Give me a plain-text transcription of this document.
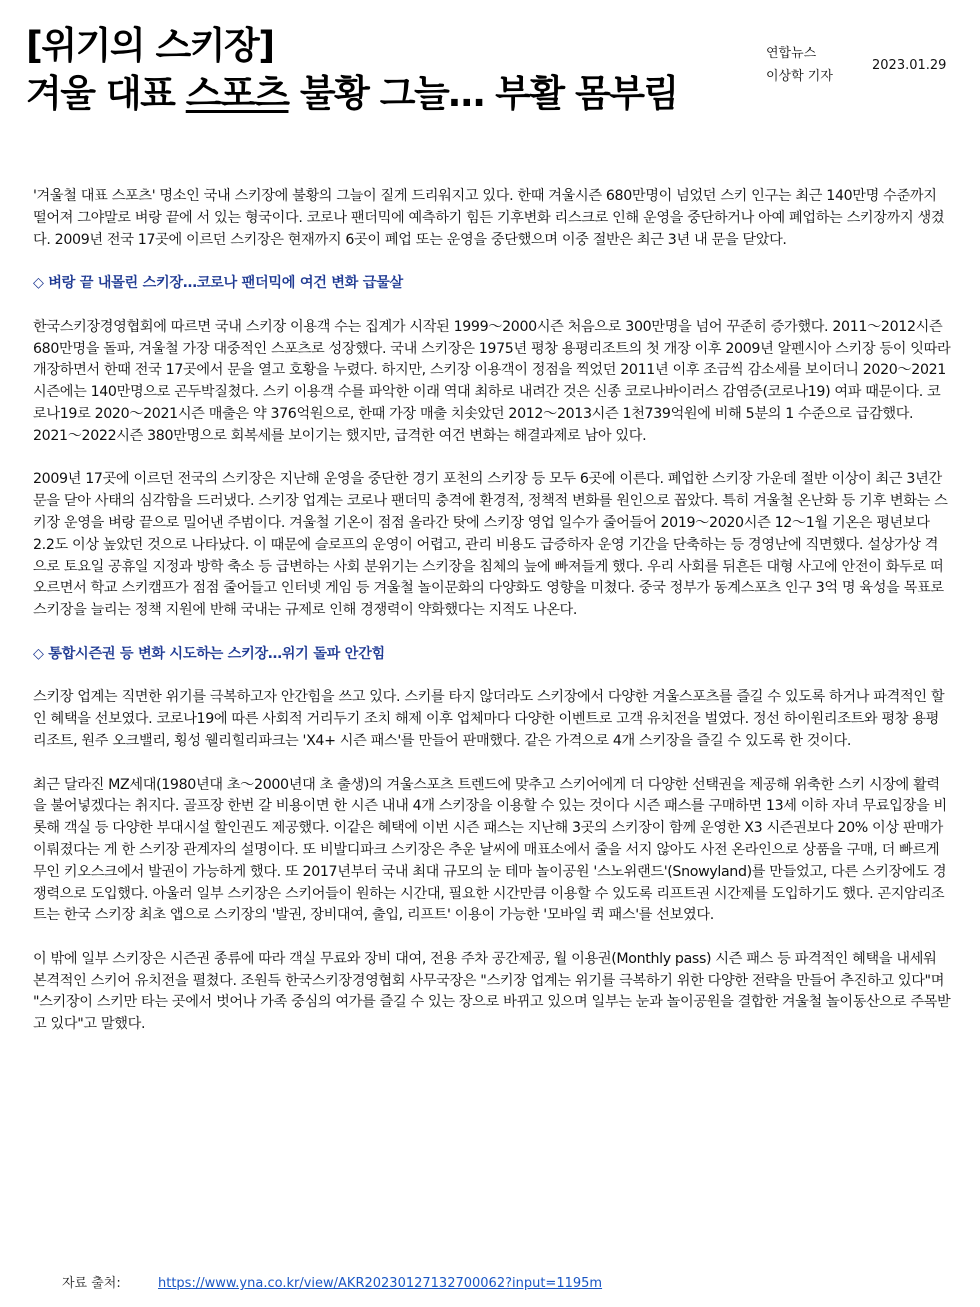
[위기의 스키장]
겨울 대표 스포츠 불황 그늘… 부활 몸부림
연합뉴스
이상학 기자
2023.01.29

'겨울철 대표 스포츠' 명소인 국내 스키장에 불황의 그늘이 짙게 드리워지고 있다. 한때 겨울시즌 680만명이 넘었던 스키 인구는 최근 140만명 수준까지 떨어져 그야말로 벼랑 끝에 서 있는 형국이다. 코로나 팬더믹에 예측하기 힘든 기후변화 리스크로 인해 운영을 중단하거나 아예 폐업하는 스키장까지 생겼다. 2009년 전국 17곳에 이르던 스키장은 현재까지 6곳이 폐업 또는 운영을 중단했으며 이중 절반은 최근 3년 내 문을 닫았다.

◇ 벼랑 끝 내몰린 스키장…코로나 팬더믹에 여건 변화 급물살

한국스키장경영협회에 따르면 국내 스키장 이용객 수는 집계가 시작된 1999～2000시즌 처음으로 300만명을 넘어 꾸준히 증가했다. 2011～2012시즌 680만명을 돌파, 겨울철 가장 대중적인 스포츠로 성장했다. 국내 스키장은 1975년 평창 용평리조트의 첫 개장 이후 2009년 알펜시아 스키장 등이 잇따라 개장하면서 한때 전국 17곳에서 문을 열고 호황을 누렸다. 하지만, 스키장 이용객이 정점을 찍었던 2011년 이후 조금씩 감소세를 보이더니 2020～2021시즌에는 140만명으로 곤두박질쳤다. 스키 이용객 수를 파악한 이래 역대 최하로 내려간 것은 신종 코로나바이러스 감염증(코로나19) 여파 때문이다. 코로나19로 2020～2021시즌 매출은 약 376억원으로, 한때 가장 매출 치솟았던 2012～2013시즌 1천739억원에 비해 5분의 1 수준으로 급감했다. 2021～2022시즌 380만명으로 회복세를 보이기는 했지만, 급격한 여건 변화는 해결과제로 남아 있다.

2009년 17곳에 이르던 전국의 스키장은 지난해 운영을 중단한 경기 포천의 스키장 등 모두 6곳에 이른다. 폐업한 스키장 가운데 절반 이상이 최근 3년간 문을 닫아 사태의 심각함을 드러냈다. 스키장 업계는 코로나 팬더믹 충격에 환경적, 정책적 변화를 원인으로 꼽았다. 특히 겨울철 온난화 등 기후 변화는 스키장 운영을 벼랑 끝으로 밀어낸 주범이다. 겨울철 기온이 점점 올라간 탓에 스키장 영업 일수가 줄어들어 2019～2020시즌 12～1월 기온은 평년보다 2.2도 이상 높았던 것으로 나타났다. 이 때문에 슬로프의 운영이 어렵고, 관리 비용도 급증하자 운영 기간을 단축하는 등 경영난에 직면했다. 설상가상 격으로 토요일 공휴일 지정과 방학 축소 등 급변하는 사회 분위기는 스키장을 침체의 늪에 빠져들게 했다. 우리 사회를 뒤흔든 대형 사고에 안전이 화두로 떠오르면서 학교 스키캠프가 점점 줄어들고 인터넷 게임 등 겨울철 놀이문화의 다양화도 영향을 미쳤다. 중국 정부가 동계스포츠 인구 3억 명 육성을 목표로 스키장을 늘리는 정책 지원에 반해 국내는 규제로 인해 경쟁력이 약화했다는 지적도 나온다.

◇ 통합시즌권 등 변화 시도하는 스키장…위기 돌파 안간힘

스키장 업계는 직면한 위기를 극복하고자 안간힘을 쓰고 있다. 스키를 타지 않더라도 스키장에서 다양한 겨울스포츠를 즐길 수 있도록 하거나 파격적인 할인 혜택을 선보였다. 코로나19에 따른 사회적 거리두기 조치 해제 이후 업체마다 다양한 이벤트로 고객 유치전을 벌였다. 정선 하이원리조트와 평창 용평리조트, 원주 오크밸리, 횡성 웰리힐리파크는 'X4+ 시즌 패스'를 만들어 판매했다. 같은 가격으로 4개 스키장을 즐길 수 있도록 한 것이다.

최근 달라진 MZ세대(1980년대 초～2000년대 초 출생)의 겨울스포츠 트렌드에 맞추고 스키어에게 더 다양한 선택권을 제공해 위축한 스키 시장에 활력을 불어넣겠다는 취지다. 골프장 한번 갈 비용이면 한 시즌 내내 4개 스키장을 이용할 수 있는 것이다 시즌 패스를 구매하면 13세 이하 자녀 무료입장을 비롯해 객실 등 다양한 부대시설 할인권도 제공했다. 이같은 혜택에 이번 시즌 패스는 지난해 3곳의 스키장이 함께 운영한 X3 시즌권보다 20% 이상 판매가 이뤄졌다는 게 한 스키장 관계자의 설명이다. 또 비발디파크 스키장은 추운 날씨에 매표소에서 줄을 서지 않아도 사전 온라인으로 상품을 구매, 더 빠르게 무인 키오스크에서 발권이 가능하게 했다. 또 2017년부터 국내 최대 규모의 눈 테마 놀이공원 '스노위랜드'(Snowyland)를 만들었고, 다른 스키장에도 경쟁력으로 도입했다. 아울러 일부 스키장은 스키어들이 원하는 시간대, 필요한 시간만큼 이용할 수 있도록 리프트권 시간제를 도입하기도 했다. 곤지암리조트는 한국 스키장 최초 앱으로 스키장의 '발권, 장비대여, 출입, 리프트' 이용이 가능한 '모바일 퀵 패스'를 선보였다.

이 밖에 일부 스키장은 시즌권 종류에 따라 객실 무료와 장비 대여, 전용 주차 공간제공, 월 이용권(Monthly pass) 시즌 패스 등 파격적인 혜택을 내세워 본격적인 스키어 유치전을 펼쳤다. 조원득 한국스키장경영협회 사무국장은 "스키장 업계는 위기를 극복하기 위한 다양한 전략을 만들어 추진하고 있다"며 "스키장이 스키만 타는 곳에서 벗어나 가족 중심의 여가를 즐길 수 있는 장으로 바뀌고 있으며 일부는 눈과 놀이공원을 결합한 겨울철 놀이동산으로 주목받고 있다"고 말했다.

자료 출처:	https://www.yna.co.kr/view/AKR20230127132700062?input=1195m
